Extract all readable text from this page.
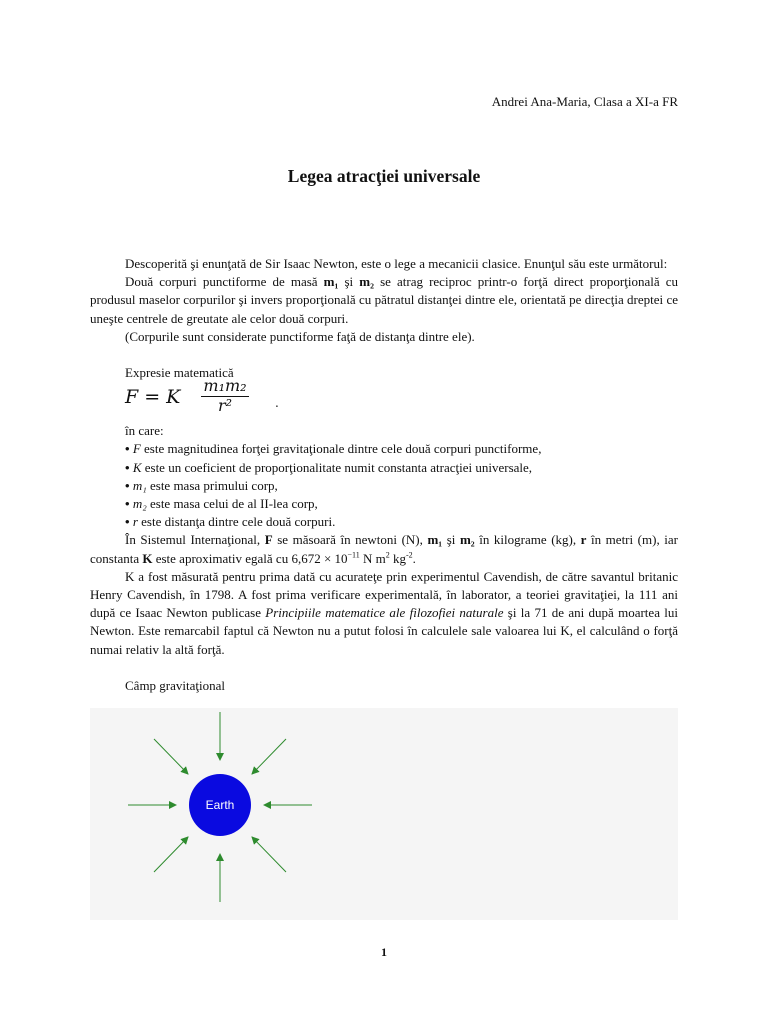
Andrei Ana-Maria, Clasa a XI-a FR
Legea atracţiei universale

Descoperită şi enunţată de Sir Isaac Newton, este o lege a mecanicii clasice. Enunţul său este următorul:

Două corpuri punctiforme de masă m₁ şi m₂ se atrag reciproc printr-o forţă direct proporţională cu produsul maselor corpurilor şi invers proporţională cu pătratul distanţei dintre ele, orientată pe direcţia dreptei ce uneşte centrele de greutate ale celor două corpuri.

(Corpurile sunt considerate punctiforme faţă de distanţa dintre ele).

Expresie matematică

F = K
m₁m₂
r²	.

în care:

• F este magnitudinea forţei gravitaţionale dintre cele două corpuri punctiforme,
• K este un coeficient de proporţionalitate numit constanta atracţiei universale,
• m₁ este masa primului corp,
• m₂ este masa celui de al II-lea corp,
• r este distanţa dintre cele două corpuri.

În Sistemul Internaţional, F se măsoară în newtoni (N), m₁ şi m₂ în kilograme (kg), r în metri (m), iar constanta K este aproximativ egală cu $6,672 \times 10^{-11}$ N $m^2$ $kg^{-2}$.

K a fost măsurată pentru prima dată cu acurateţe prin experimentul Cavendish, de către savantul britanic Henry Cavendish, în 1798. A fost prima verificare experimentală, în laborator, a teoriei gravitaţiei, la 111 ani după ce Isaac Newton publicase Principiile matematice ale filozofiei naturale şi la 71 de ani după moartea lui Newton. Este remarcabil faptul că Newton nu a putut folosi în calculele sale valoarea lui K, el calculând o forţă numai relativ la altă forţă.

Câmp gravitaţional

Earth
1
